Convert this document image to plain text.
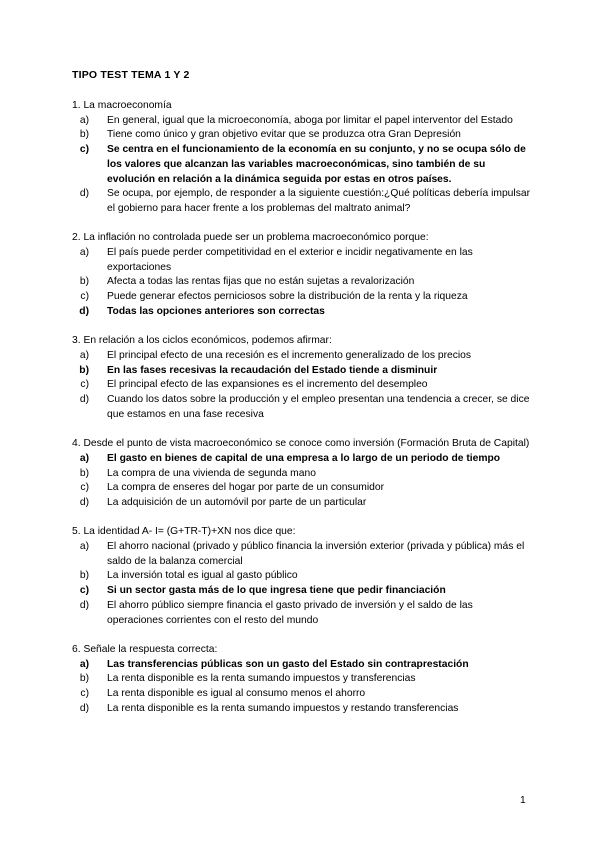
TIPO TEST TEMA 1 Y 2
1. La macroeconomía
a)	En general, igual que la microeconomía, aboga por limitar el papel interventor del Estado
b)	Tiene como único y gran objetivo evitar que se produzca otra Gran Depresión
c)	Se centra en el funcionamiento de la economía en su conjunto, y no se ocupa sólo de los valores que alcanzan las variables macroeconómicas, sino también de su evolución en relación a la dinámica seguida por estas en otros países.
d)	Se ocupa, por ejemplo, de responder a la siguiente cuestión:¿Qué políticas debería impulsar el gobierno para hacer frente a los problemas del maltrato animal?
2. La inflación no controlada puede ser un problema macroeconómico porque:
a)	El país puede perder competitividad en el exterior e incidir negativamente en las exportaciones
b)	Afecta a todas las rentas fijas que no están sujetas a revalorización
c)	Puede generar efectos perniciosos sobre la distribución de la renta y la riqueza
d)	Todas las opciones anteriores son correctas
3. En relación a los ciclos económicos, podemos afirmar:
a)	El principal efecto de una recesión es el incremento generalizado de los precios
b)	En las fases recesivas la recaudación del Estado tiende a disminuir
c)	El principal efecto de las expansiones es el incremento del desempleo
d)	Cuando los datos sobre la producción y el empleo presentan una tendencia a crecer, se dice que estamos en una fase recesiva
4. Desde el punto de vista macroeconómico se conoce como inversión (Formación Bruta de Capital)
a)	El gasto en bienes de capital de una empresa a lo largo de un periodo de tiempo
b)	La compra de una vivienda de segunda mano
c)	La compra de enseres del hogar por parte de un consumidor
d)	La adquisición de un automóvil por parte de un particular
5. La identidad A- I= (G+TR-T)+XN nos dice que:
a)	El ahorro nacional (privado y público financia la inversión exterior (privada y pública) más el saldo de la balanza comercial
b)	La inversión total es igual al gasto público
c)	Si un sector gasta más de lo que ingresa tiene que pedir financiación
d)	El ahorro público siempre financia el gasto privado de inversión y el saldo de las operaciones corrientes con el resto del mundo
6. Señale la respuesta correcta:
a)	Las transferencias públicas son un gasto del Estado sin contraprestación
b)	La renta disponible es la renta sumando impuestos y transferencias
c)	La renta disponible es igual al consumo menos el ahorro
d)	La renta disponible es la renta sumando impuestos y restando transferencias
1
